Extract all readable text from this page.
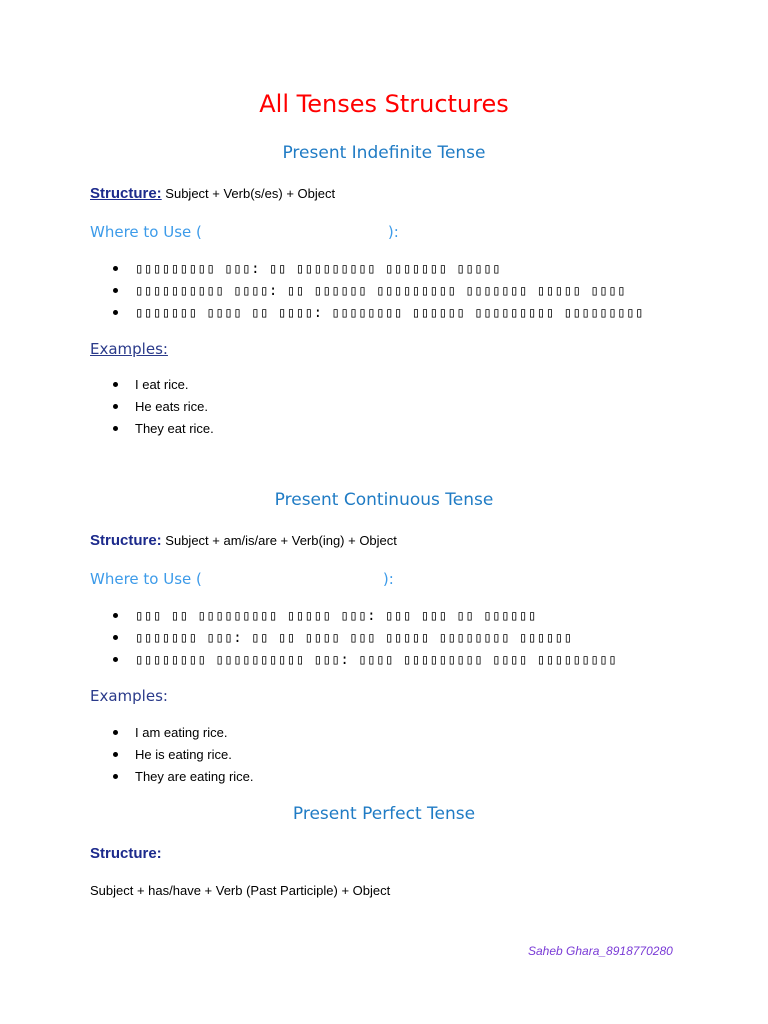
All Tenses Structures
Present Indefinite Tense
Structure: Subject + Verb(s/es) + Object
Where to Use (	):
▯▯▯▯▯▯▯▯▯ ▯▯▯: ▯▯ ▯▯▯▯▯▯▯▯▯ ▯▯▯▯▯▯▯ ▯▯▯▯▯
▯▯▯▯▯▯▯▯▯▯ ▯▯▯▯: ▯▯ ▯▯▯▯▯▯ ▯▯▯▯▯▯▯▯▯ ▯▯▯▯▯▯▯ ▯▯▯▯▯ ▯▯▯▯
▯▯▯▯▯▯▯ ▯▯▯▯ ▯▯ ▯▯▯▯: ▯▯▯▯▯▯▯▯ ▯▯▯▯▯▯ ▯▯▯▯▯▯▯▯▯ ▯▯▯▯▯▯▯▯▯
Examples:
I eat rice.
He eats rice.
They eat rice.
Present Continuous Tense
Structure: Subject + am/is/are + Verb(ing) + Object
Where to Use (	):
▯▯▯ ▯▯ ▯▯▯▯▯▯▯▯▯ ▯▯▯▯▯ ▯▯▯: ▯▯▯ ▯▯▯ ▯▯ ▯▯▯▯▯▯
▯▯▯▯▯▯▯ ▯▯▯: ▯▯ ▯▯ ▯▯▯▯ ▯▯▯ ▯▯▯▯▯ ▯▯▯▯▯▯▯▯ ▯▯▯▯▯▯
▯▯▯▯▯▯▯▯ ▯▯▯▯▯▯▯▯▯▯ ▯▯▯: ▯▯▯▯ ▯▯▯▯▯▯▯▯▯ ▯▯▯▯ ▯▯▯▯▯▯▯▯▯
Examples:
I am eating rice.
He is eating rice.
They are eating rice.
Present Perfect Tense
Structure:
Subject + has/have + Verb (Past Participle) + Object
Saheb Ghara_8918770280
